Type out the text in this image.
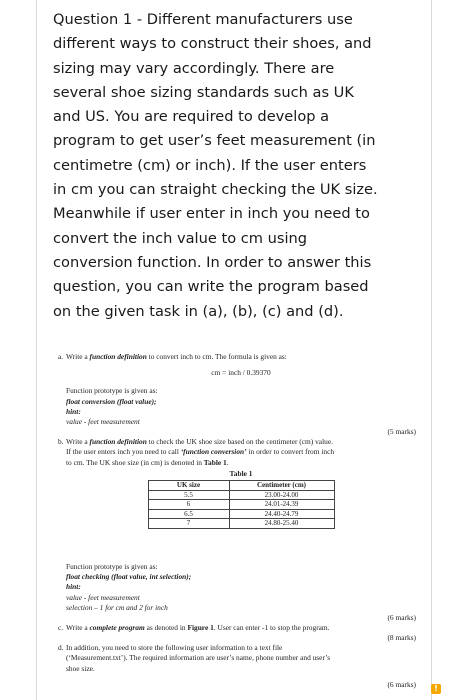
Question 1 - Different manufacturers use

different ways to construct their shoes, and

sizing may vary accordingly. There are

several shoe sizing standards such as UK

and US. You are required to develop a

program to get user’s feet measurement (in

centimetre (cm) or inch). If the user enters

in cm you can straight checking the UK size.

Meanwhile if user enter in inch you need to

convert the inch value to cm using

conversion function. In order to answer this

question, you can write the program based

on the given task in (a), (b), (c) and (d).

a. Write a function definition to convert inch to cm. The formula is given as:
cm = inch / 0.39370
Function prototype is given as:
float conversion (float value);
hint:
value - feet measurement
(5 marks)
b. Write a function definition to check the UK shoe size based on the centimeter (cm) value.
If the user enters inch you need to call ‘function conversion’ in order to convert from inch
to cm. The UK shoe size (in cm) is denoted in Table 1.
Table 1
UK size	Centimeter (cm)
5.5	23.00-24.00
6	24.01-24.39
6.5	24.40-24.79
7	24.80-25.40
Function prototype is given as:
float checking (float value, int selection);
hint:
value - feet measurement
selection – 1 for cm and 2 for inch
(6 marks)
c. Write a complete program as denoted in Figure 1. User can enter -1 to stop the program.
(8 marks)
d. In addition, you need to store the following user information to a text file
(‘Measurement.txt’). The required information are user’s name, phone number and user’s
shoe size.
(6 marks)	!
